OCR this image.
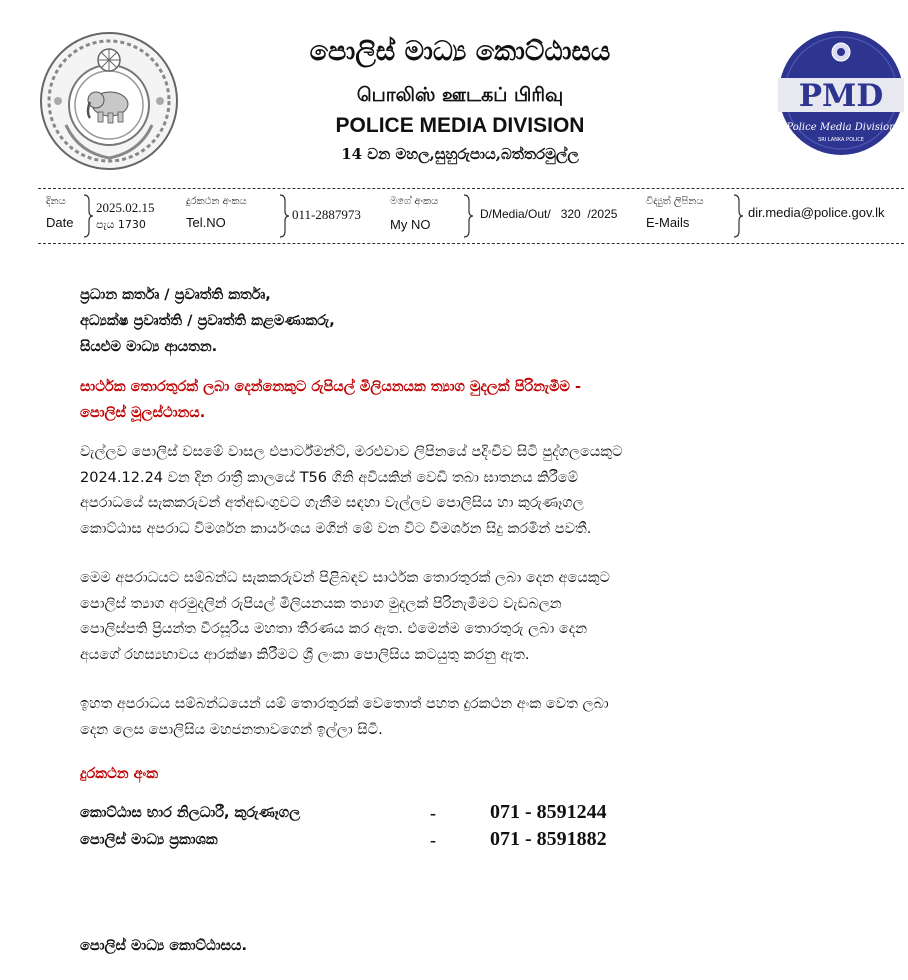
පොලිස් මාධ්‍ය කොට්ඨාසය
பொலிஸ் ஊடகப் பிரிவு
POLICE MEDIA DIVISION
14 වන මහල,සුහුරුපාය,බත්තරමුල්ල
PMD
Police Media Division
SRI LANKA POLICE
දිනය
Date
2025.02.15
පැය 1730
දුරකථන අංකය
Tel.NO
011-2887973
මගේ අංකය
My NO
D/Media/Out/   320  /2025
විද්‍යුත් ලිපිනය
E-Mails
dir.media@police.gov.lk
ප්‍රධාන කර්තෘ / ප්‍රවෘත්ති කර්තෘ,
අධ්‍යක්ෂ ප්‍රවෘත්ති / ප්‍රවෘත්ති කළමණාකරු,
සියළුම මාධ්‍ය ආයතන.
සාර්ථක තොරතුරක් ලබා දෙන්නෙකුට රුපියල් මිලියනයක ත්‍යාග මුදලක් පිරිනැමීම -
පොලිස් මූලස්ථානය.
වැල්ලව පොලිස් වසමේ වාසල එපාර්ට්මන්ට්, මරළුවාව ලිපිනයේ පදිංචිව සිටි පුද්ගලයෙකුට
2024.12.24 වන දින රාත්‍රී කාලයේ T56 ගිනි අවියකින් වෙඩි තබා ඝාතනය කිරීමේ
අපරාධයේ සැකකරුවන් අත්අඩංගුවට ගැනීම සඳහා වැල්ලව පොලිසිය හා කුරුණෑගල
කොට්ඨාස අපරාධ විමර්ශන කාර්යංශය මගින් මේ වන විට විමර්ශන සිදු කරමින් පවතී.
මෙම අපරාධයට සම්බන්ධ සැකකරුවන් පිළිබඳව සාර්ථක තොරතුරක් ලබා දෙන අයෙකුට
පොලිස් ත්‍යාග අරමුදලින් රුපියල් මිලියනයක ත්‍යාග මුදලක් පිරිනැමීමට වැඩබලන
පොලිස්පති ප්‍රියන්ත වීරසූරිය මහතා තීරණය කර ඇත. එමෙන්ම තොරතුරු ලබා දෙන
අයගේ රහස්‍යභාවය ආරක්ෂා කිරීමට ශ්‍රී ලංකා පොලිසිය කටයුතු කරනු ඇත.
ඉහත අපරාධය සම්බන්ධයෙන් යම් තොරතුරක් වෙතොත් පහත දුරකථන අංක වෙත ලබා
දෙන ලෙස පොලිසිය මහජනතාවගෙන් ඉල්ලා සිටී.
දුරකථන අංක
කොට්ඨාස භාර නිලධාරී, කුරුණෑගල	-	071 - 8591244
පොලිස් මාධ්‍ය ප්‍රකාශක	-	071 - 8591882
පොලිස් මාධ්‍ය කොට්ඨාසය.
